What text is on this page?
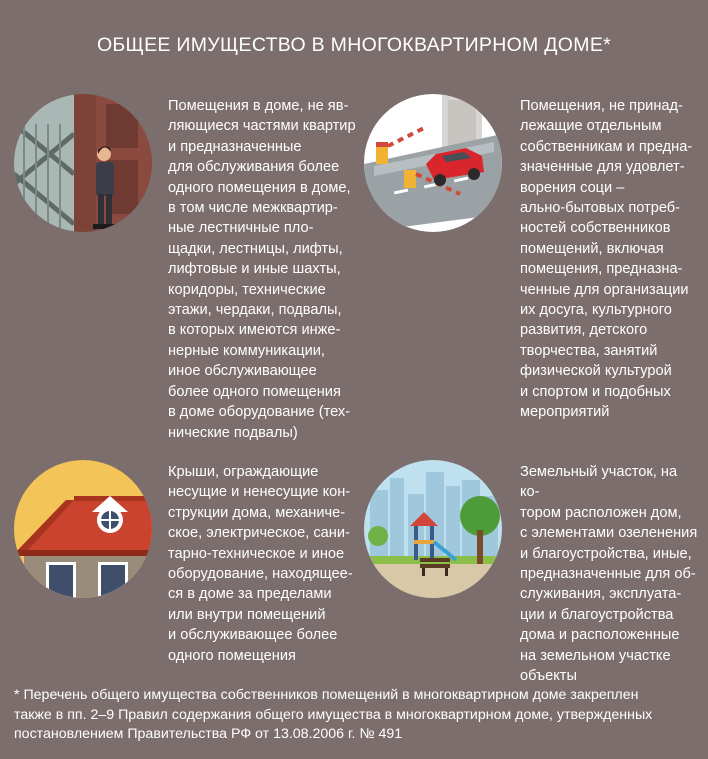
ОБЩЕЕ ИМУЩЕСТВО В МНОГОКВАРТИРНОМ ДОМЕ*
Помещения в доме, не яв-
ляющиеся частями квартир
и предназначенные
для обслуживания более
одного помещения в доме,
в том числе межквартир-
ные лестничные пло-
щадки, лестницы, лифты,
лифтовые и иные шахты,
коридоры, технические
этажи, чердаки, подвалы,
в которых имеются инже-
нерные коммуникации,
иное обслуживающее
более одного помещения
в доме оборудование (тех-
нические подвалы)
Помещения, не принад-
лежащие отдельным
собственникам и предна-
значенные для удовлет-
ворения соци –
ально-бытовых потреб-
ностей собственников
помещений, включая
помещения, предназна-
ченные для организации
их досуга, культурного
развития, детского
творчества, занятий
физической культурой
и спортом и подобных
мероприятий
Крыши, ограждающие
несущие и ненесущие кон-
струкции дома, механиче-
ское, электрическое, сани-
тарно-техническое и иное
оборудование, находящее-
ся в доме за пределами
или внутри помещений
и обслуживающее более
одного помещения
Земельный участок, на ко-
тором расположен дом,
с элементами озеленения
и благоустройства, иные,
предназначенные для об-
служивания, эксплуата-
ции и благоустройства
дома и расположенные
на земельном участке
объекты
* Перечень общего имущества собственников помещений в многоквартирном доме закреплен
также в пп. 2–9 Правил содержания общего имущества в многоквартирном доме, утвержденных
постановлением Правительства РФ от 13.08.2006 г. № 491
